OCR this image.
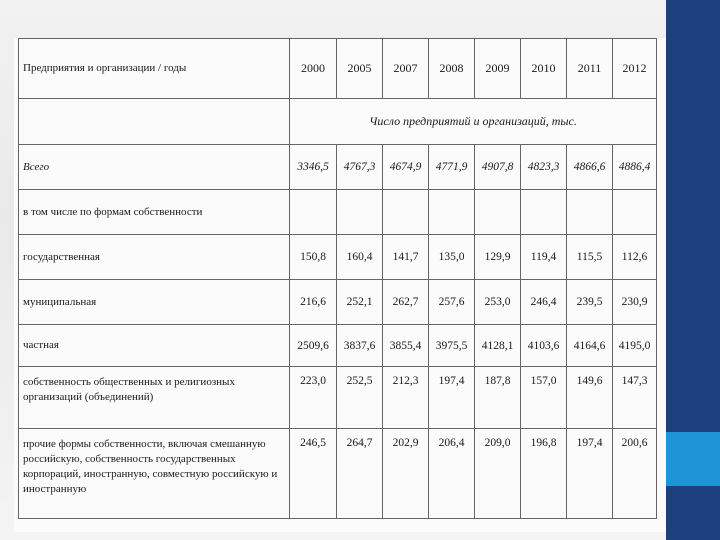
Предприятия и организации / годы	2000	2005	2007	2008	2009	2010	2011	2012
	Число предприятий и организаций, тыс.							
Всего	3346,5	4767,3	4674,9	4771,9	4907,8	4823,3	4866,6	4886,4
в том числе по формам собственности								
государственная	150,8	160,4	141,7	135,0	129,9	119,4	115,5	112,6
муниципальная	216,6	252,1	262,7	257,6	253,0	246,4	239,5	230,9
частная	2509,6	3837,6	3855,4	3975,5	4128,1	4103,6	4164,6	4195,0
собственность общественных и религиозных организаций (объединений)	223,0	252,5	212,3	197,4	187,8	157,0	149,6	147,3
прочие формы собственности, включая смешанную российскую, собственность государственных корпораций, иностранную, совместную российскую и иностранную	246,5	264,7	202,9	206,4	209,0	196,8	197,4	200,6
